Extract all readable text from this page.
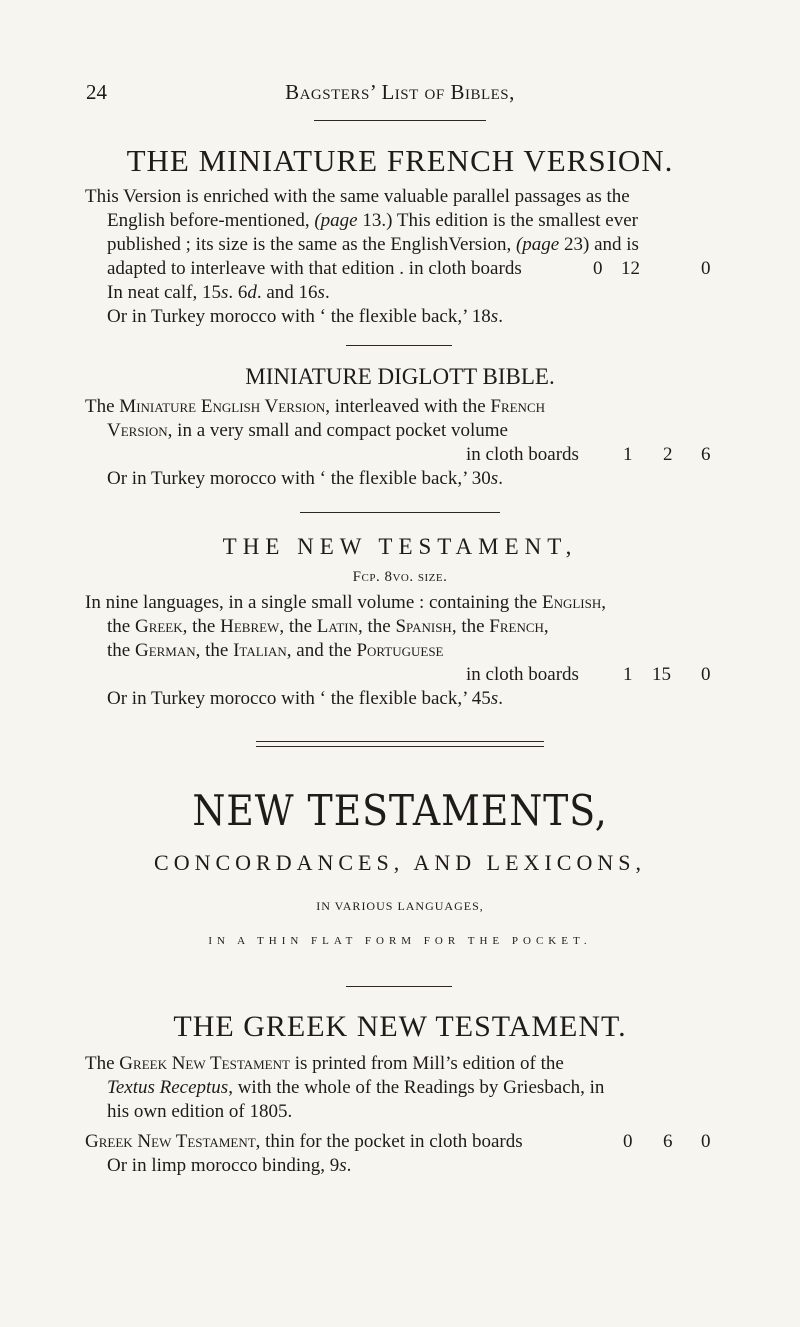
24	Bagsters’ List of Bibles,
THE MINIATURE FRENCH VERSION.
This Version is enriched with the same valuable parallel passages as the
English before-mentioned, (page 13.) This edition is the smallest ever
published ; its size is the same as the EnglishVersion, (page 23) and is
adapted to interleave with that edition . in cloth boards	0 12	0
In neat calf, 15s. 6d. and 16s.
Or in Turkey morocco with ‘ the flexible back,’ 18s.
MINIATURE DIGLOTT BIBLE.
The Miniature English Version, interleaved with the French
Version, in a very small and compact pocket volume
in cloth boards 1 2 6
Or in Turkey morocco with ‘ the flexible back,’ 30s.
THE NEW TESTAMENT,
Fcp. 8vo. size.
In nine languages, in a single small volume : containing the English,
the Greek, the Hebrew, the Latin, the Spanish, the French,
the German, the Italian, and the Portuguese
in cloth boards 1 15 0
Or in Turkey morocco with ‘ the flexible back,’ 45s.
NEW TESTAMENTS,
CONCORDANCES, AND LEXICONS,
IN VARIOUS LANGUAGES,
IN A THIN FLAT FORM FOR THE POCKET.
THE GREEK NEW TESTAMENT.
The Greek New Testament is printed from Mill’s edition of the
Textus Receptus, with the whole of the Readings by Griesbach, in
his own edition of 1805.
Greek New Testament, thin for the pocket in cloth boards	0 6 0
Or in limp morocco binding, 9s.
